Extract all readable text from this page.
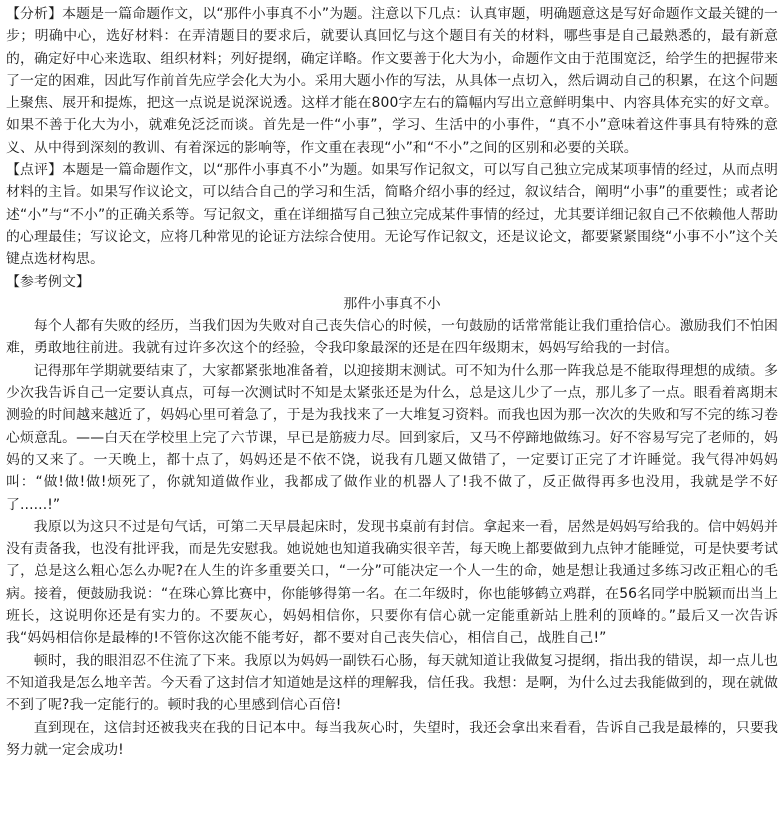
【分析】本题是一篇命题作文，以“那件小事真不小”为题。注意以下几点：认真审题，明确题意这是写好命题作文最关键的一步；明确中心，选好材料：在弄清题目的要求后，就要认真回忆与这个题目有关的材料，哪些事是自己最熟悉的，最有新意的，确定好中心来选取、组织材料；列好提纲，确定详略。作文要善于化大为小，命题作文由于范围宽泛，给学生的把握带来了一定的困难，因此写作前首先应学会化大为小。采用大题小作的写法，从具体一点切入，然后调动自己的积累，在这个问题上聚焦、展开和提炼，把这一点说是说深说透。这样才能在800字左右的篇幅内写出立意鲜明集中、内容具体充实的好文章。如果不善于化大为小，就难免泛泛而谈。首先是一件“小事”，学习、生活中的小事件，“真不小”意味着这件事具有特殊的意义、从中得到深刻的教训、有着深远的影响等，作文重在表现“小”和“不小”之间的区别和必要的关联。

【点评】本题是一篇命题作文，以“那件小事真不小”为题。如果写作记叙文，可以写自己独立完成某项事情的经过，从而点明材料的主旨。如果写作议论文，可以结合自己的学习和生活，简略介绍小事的经过，叙议结合，阐明“小事”的重要性；或者论述“小”与“不小”的正确关系等。写记叙文，重在详细描写自己独立完成某件事情的经过，尤其要详细记叙自己不依赖他人帮助的心理最佳；写议论文，应将几种常见的论证方法综合使用。无论写作记叙文，还是议论文，都要紧紧围绕“小事不小”这个关键点选材构思。

【参考例文】

那件小事真不小

每个人都有失败的经历，当我们因为失败对自己丧失信心的时候，一句鼓励的话常常能让我们重拾信心。激励我们不怕困难，勇敢地往前进。我就有过许多次这个的经验，令我印象最深的还是在四年级期末，妈妈写给我的一封信。

记得那年学期就要结束了，大家都紧张地准备着，以迎接期末测试。可不知为什么那一阵我总是不能取得理想的成绩。多少次我告诉自己一定要认真点，可每一次测试时不知是太紧张还是为什么，总是这儿少了一点，那儿多了一点。眼看着离期末测验的时间越来越近了，妈妈心里可着急了，于是为我找来了一大堆复习资料。而我也因为那一次次的失败和写不完的练习卷心烦意乱。——白天在学校里上完了六节课，早已是筋疲力尽。回到家后，又马不停蹄地做练习。好不容易写完了老师的，妈妈的又来了。一天晚上，都十点了，妈妈还是不依不饶，说我有几题又做错了，一定要订正完了才许睡觉。我气得冲妈妈叫：“做!做!做!烦死了，你就知道做作业，我都成了做作业的机器人了!我不做了，反正做得再多也没用，我就是学不好了......!”

我原以为这只不过是句气话，可第二天早晨起床时，发现书桌前有封信。拿起来一看，居然是妈妈写给我的。信中妈妈并没有责备我，也没有批评我，而是先安慰我。她说她也知道我确实很辛苦，每天晚上都要做到九点钟才能睡觉，可是快要考试了，总是这么粗心怎么办呢?在人生的许多重要关口，“一分”可能决定一个人一生的命，她是想让我通过多练习改正粗心的毛病。接着，便鼓励我说：“在珠心算比赛中，你能够得第一名。在二年级时，你也能够鹤立鸡群，在56名同学中脱颖而出当上班长，这说明你还是有实力的。不要灰心，妈妈相信你，只要你有信心就一定能重新站上胜利的顶峰的。”最后又一次告诉我“妈妈相信你是最棒的!不管你这次能不能考好，都不要对自己丧失信心，相信自己，战胜自己!”

顿时，我的眼泪忍不住流了下来。我原以为妈妈一副铁石心肠，每天就知道让我做复习提纲，指出我的错误，却一点儿也不知道我是怎么地辛苦。今天看了这封信才知道她是这样的理解我，信任我。我想：是啊，为什么过去我能做到的，现在就做不到了呢?我一定能行的。顿时我的心里感到信心百倍!

直到现在，这信封还被我夹在我的日记本中。每当我灰心时，失望时，我还会拿出来看看，告诉自己我是最棒的，只要我努力就一定会成功!
